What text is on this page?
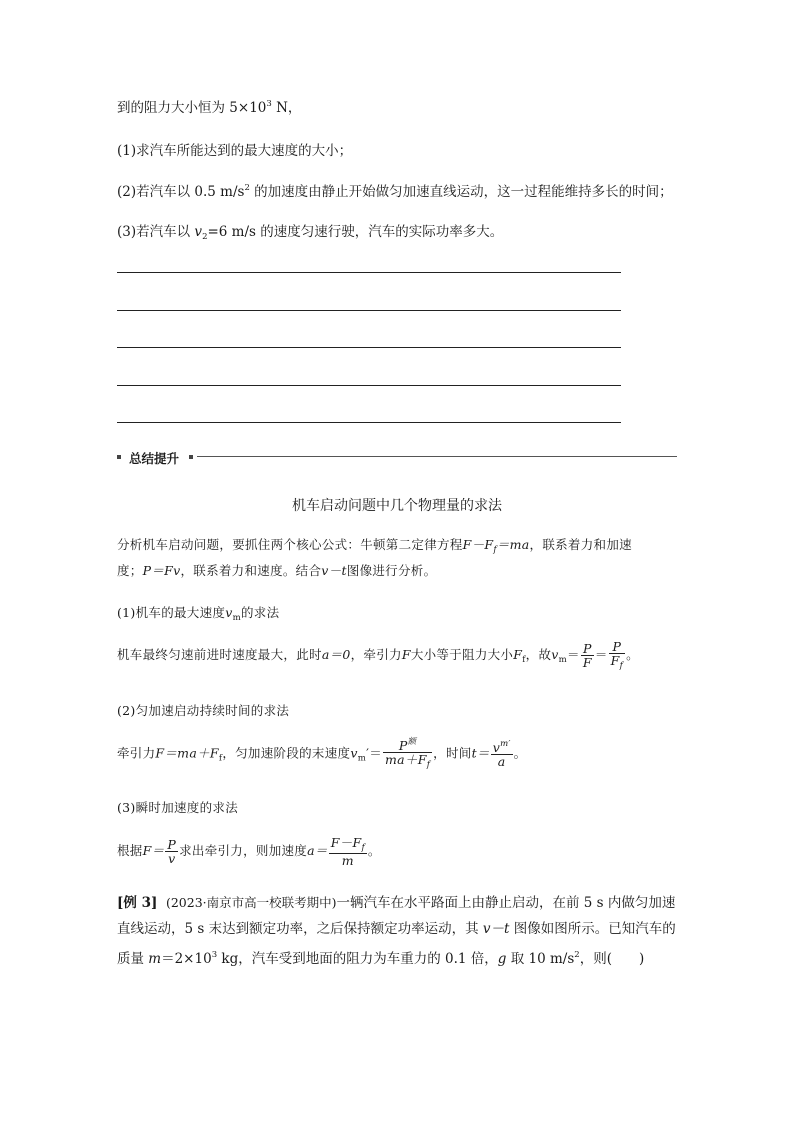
到的阻力大小恒为 $5\times 10^3$ N，
(1)求汽车所能达到的最大速度的大小；
(2)若汽车以 0.5 $m/s^2$ 的加速度由静止开始做匀加速直线运动，这一过程能维持多长的时间；
(3)若汽车以 $v_2=6$ m/s 的速度匀速行驶，汽车的实际功率多大。
总结提升
机车启动问题中几个物理量的求法
分析机车启动问题，要抓住两个核心公式：牛顿第二定律方程$F-F_f=ma$，联系着力和加速
度；P＝Fv，联系着力和速度。结合v－t图像进行分析。
(1)机车的最大速度$v_m$的求法
机车最终匀速前进时速度最大，此时a＝0，牵引力F大小等于阻力大小$F_f$，故$v_m= \frac{P}{F} = \frac{P}{F_f}$ 。
(2)匀加速启动持续时间的求法
牵引力$F=ma+F_f$，匀加速阶段的末速度$v_m'= \frac{P^额}{ma+F_f}$ ，时间$t= \frac{v^{m'}}{a}$ 。
(3)瞬时加速度的求法
根据$F= \frac{P}{v}$ 求出牵引力，则加速度$a= \frac{F-F_f}{m}$ 。
[例 3] (2023·南京市高一校联考期中)一辆汽车在水平路面上由静止启动，在前 5 s 内做匀加速直线运动，5 s 末达到额定功率，之后保持额定功率运动，其 v－t 图像如图所示。已知汽车的质量 $m=2\times 10^3$ kg，汽车受到地面的阻力为车重力的 0.1 倍，g 取 10 $m/s^2$，则(　　)
